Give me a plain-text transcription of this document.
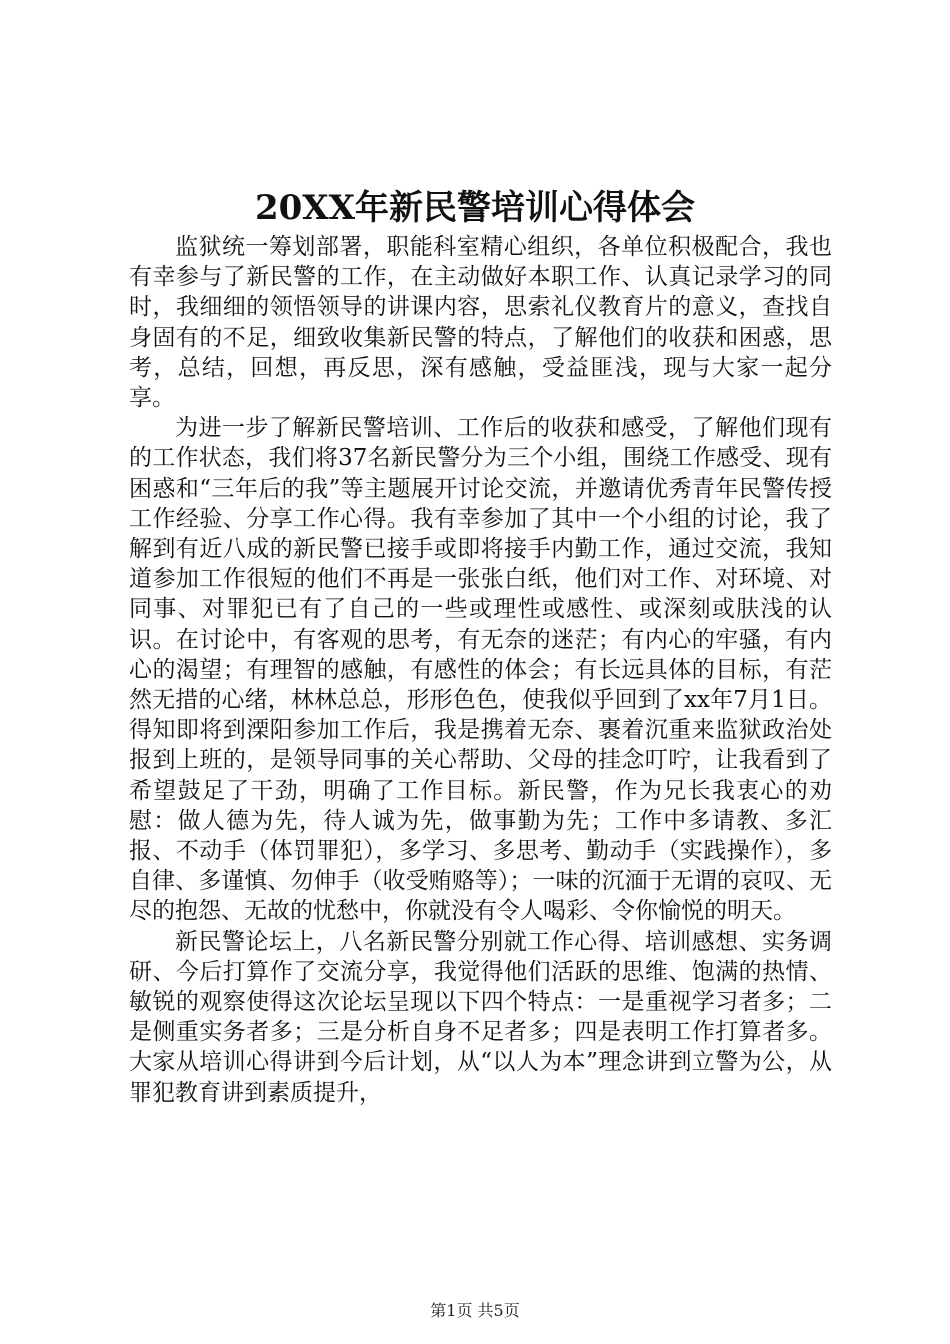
20XX年新民警培训心得体会

监狱统一筹划部署，职能科室精心组织，各单位积极配合，我也有幸参与了新民警的工作，在主动做好本职工作、认真记录学习的同时，我细细的领悟领导的讲课内容，思索礼仪教育片的意义，查找自身固有的不足，细致收集新民警的特点，了解他们的收获和困惑，思考，总结，回想，再反思，深有感触，受益匪浅，现与大家一起分享。

为进一步了解新民警培训、工作后的收获和感受，了解他们现有的工作状态，我们将37名新民警分为三个小组，围绕工作感受、现有困惑和“三年后的我”等主题展开讨论交流，并邀请优秀青年民警传授工作经验、分享工作心得。我有幸参加了其中一个小组的讨论，我了解到有近八成的新民警已接手或即将接手内勤工作，通过交流，我知道参加工作很短的他们不再是一张张白纸，他们对工作、对环境、对同事、对罪犯已有了自己的一些或理性或感性、或深刻或肤浅的认识。在讨论中，有客观的思考，有无奈的迷茫；有内心的牢骚，有内心的渴望；有理智的感触，有感性的体会；有长远具体的目标，有茫然无措的心绪，林林总总，形形色色，使我似乎回到了xx年7月1日。得知即将到溧阳参加工作后，我是携着无奈、裹着沉重来监狱政治处报到上班的，是领导同事的关心帮助、父母的挂念叮咛，让我看到了希望鼓足了干劲，明确了工作目标。新民警，作为兄长我衷心的劝慰：做人德为先，待人诚为先，做事勤为先；工作中多请教、多汇报、不动手（体罚罪犯），多学习、多思考、勤动手（实践操作），多自律、多谨慎、勿伸手（收受贿赂等）；一味的沉湎于无谓的哀叹、无尽的抱怨、无故的忧愁中，你就没有令人喝彩、令你愉悦的明天。

新民警论坛上，八名新民警分别就工作心得、培训感想、实务调研、今后打算作了交流分享，我觉得他们活跃的思维、饱满的热情、敏锐的观察使得这次论坛呈现以下四个特点：一是重视学习者多；二是侧重实务者多；三是分析自身不足者多；四是表明工作打算者多。大家从培训心得讲到今后计划，从“以人为本”理念讲到立警为公，从罪犯教育讲到素质提升，

第1页 共5页
